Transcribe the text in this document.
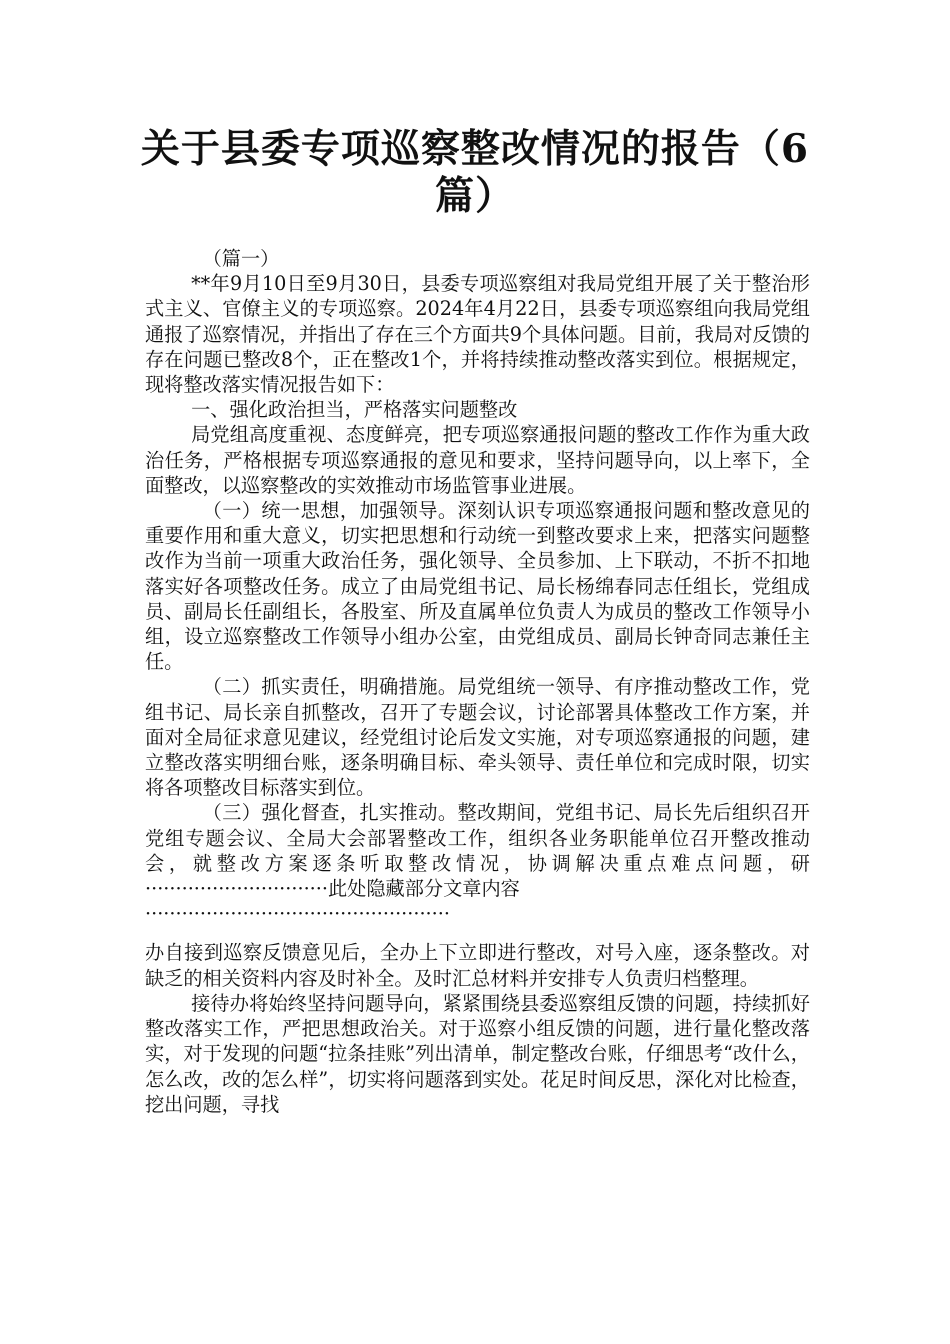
关于县委专项巡察整改情况的报告（6篇）

（篇一）

**年9月10日至9月30日，县委专项巡察组对我局党组开展了关于整治形式主义、官僚主义的专项巡察。2024年4月22日，县委专项巡察组向我局党组通报了巡察情况，并指出了存在三个方面共9个具体问题。目前，我局对反馈的存在问题已整改8个，正在整改1个，并将持续推动整改落实到位。根据规定，现将整改落实情况报告如下：

一、强化政治担当，严格落实问题整改

局党组高度重视、态度鲜亮，把专项巡察通报问题的整改工作作为重大政治任务，严格根据专项巡察通报的意见和要求，坚持问题导向，以上率下，全面整改，以巡察整改的实效推动市场监管事业进展。

（一）统一思想，加强领导。深刻认识专项巡察通报问题和整改意见的重要作用和重大意义，切实把思想和行动统一到整改要求上来，把落实问题整改作为当前一项重大政治任务，强化领导、全员参加、上下联动，不折不扣地落实好各项整改任务。成立了由局党组书记、局长杨绵春同志任组长，党组成员、副局长任副组长，各股室、所及直属单位负责人为成员的整改工作领导小组，设立巡察整改工作领导小组办公室，由党组成员、副局长钟奇同志兼任主任。

（二）抓实责任，明确措施。局党组统一领导、有序推动整改工作，党组书记、局长亲自抓整改，召开了专题会议，讨论部署具体整改工作方案，并面对全局征求意见建议，经党组讨论后发文实施，对专项巡察通报的问题，建立整改落实明细台账，逐条明确目标、牵头领导、责任单位和完成时限，切实将各项整改目标落实到位。

（三）强化督查，扎实推动。整改期间，党组书记、局长先后组织召开党组专题会议、全局大会部署整改工作，组织各业务职能单位召开整改推动会，就整改方案逐条听取整改情况，协调解决重点难点问题，研······························此处隐藏部分文章内容

··················································

办自接到巡察反馈意见后，全办上下立即进行整改，对号入座，逐条整改。对缺乏的相关资料内容及时补全。及时汇总材料并安排专人负责归档整理。

接待办将始终坚持问题导向，紧紧围绕县委巡察组反馈的问题，持续抓好整改落实工作，严把思想政治关。对于巡察小组反馈的问题，进行量化整改落实，对于发现的问题“拉条挂账”列出清单，制定整改台账，仔细思考“改什么，怎么改，改的怎么样”，切实将问题落到实处。花足时间反思，深化对比检查，挖出问题，寻找
